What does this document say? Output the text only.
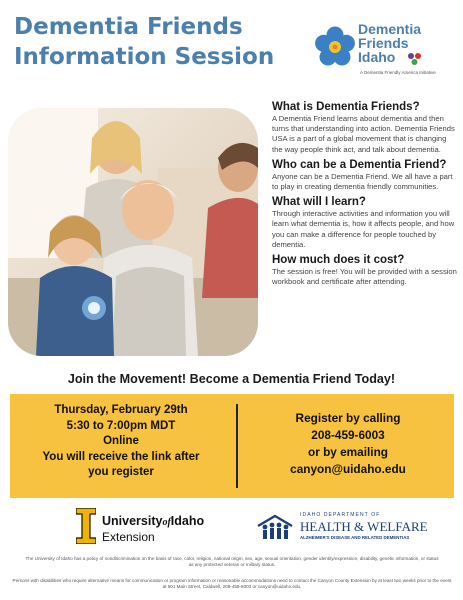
Dementia Friends
Information Session
Dementia
Friends
Idaho
A Dementia Friendly America Initiative
What is Dementia Friends?

A Dementia Friend learns about dementia and then turns that understanding into action. Dementia Friends USA is a part of a global movement that is changing the way people think act, and talk about dementia.

Who can be a Dementia Friend?

Anyone can be a Dementia Friend. We all have a part to play in creating dementia friendly communities.

What will I learn?

Through interactive activities and information you will learn what dementia is, how it affects people, and how you can make a difference for people touched by dementia.

How much does it cost?

The session is free! You will be provided with a session workbook and certificate after attending.

Join the Movement! Become a Dementia Friend Today!
Thursday, February 29th
5:30 to 7:00pm MDT
Online
You will receive the link after
you register
Register by calling
208-459-6003
or by emailing
canyon@uidaho.edu
UniversityofIdaho
Extension
IDAHO DEPARTMENT OF
HEALTH & WELFARE
ALZHEIMER'S DISEASE AND RELATED DEMENTIAS
The University of Idaho has a policy of nondiscrimination on the basis of race, color, religion, national origin, sex, age, sexual orientation, gender identity/expression, disability, genetic information, or status as any protected veteran or military status.
Persons with disabilities who require alternative means for communication or program information or reasonable accommodations need to contact the Canyon County Extension by at least two weeks prior to the event at 501 Main Street, Caldwell, 208-459-6003 or canyon@uidaho.edu.
